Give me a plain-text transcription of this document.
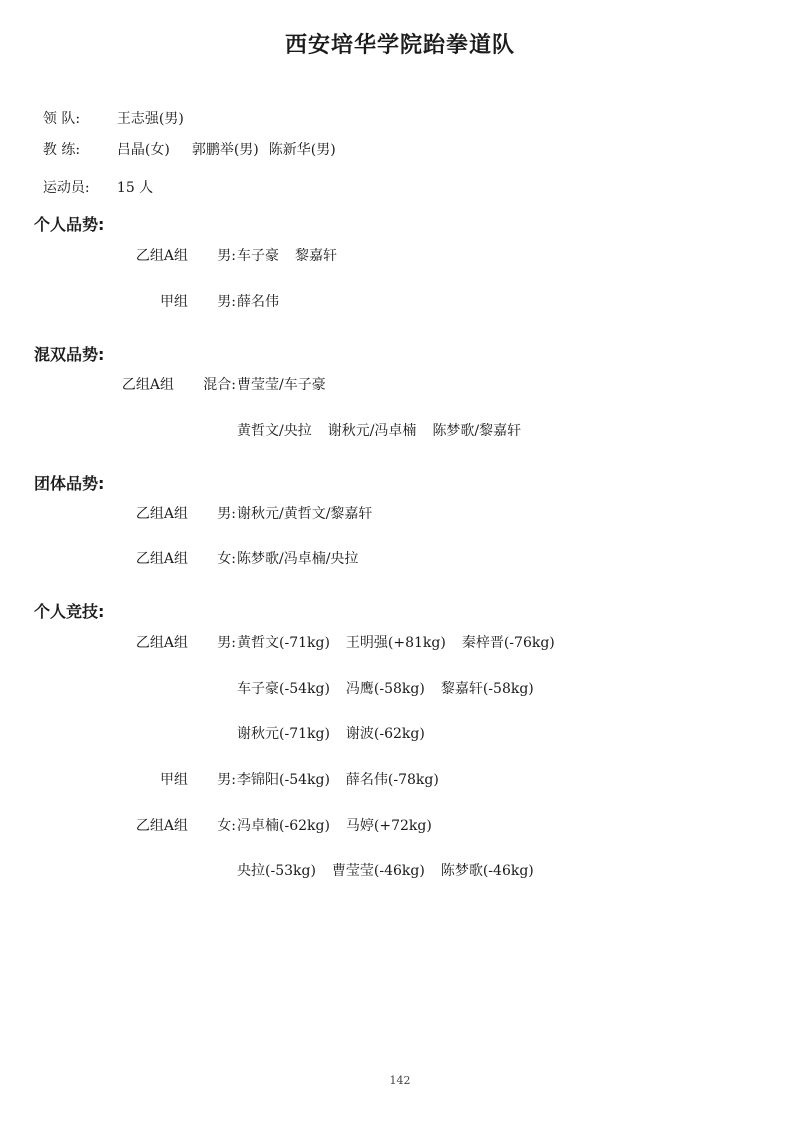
西安培华学院跆拳道队

领 队:	王志强(男)

教 练:	吕晶(女) 郭鹏举(男) 陈新华(男)

运动员: 15 人

个人品势:
乙组A组 男: 车子豪 黎嘉轩
甲组 男: 薛名伟
混双品势:
乙组A组 混合: 曹莹莹/车子豪
黄哲文/央拉 谢秋元/冯卓楠 陈梦歌/黎嘉轩
团体品势:
乙组A组 男: 谢秋元/黄哲文/黎嘉轩
乙组A组 女: 陈梦歌/冯卓楠/央拉
个人竞技:
乙组A组 男: 黄哲文(-71kg) 王明强(+81kg) 秦梓晋(-76kg)
车子豪(-54kg) 冯鹰(-58kg) 黎嘉轩(-58kg)
谢秋元(-71kg) 谢波(-62kg)
甲组 男: 李锦阳(-54kg) 薛名伟(-78kg)
乙组A组 女: 冯卓楠(-62kg) 马婷(+72kg)
央拉(-53kg) 曹莹莹(-46kg) 陈梦歌(-46kg)
142
